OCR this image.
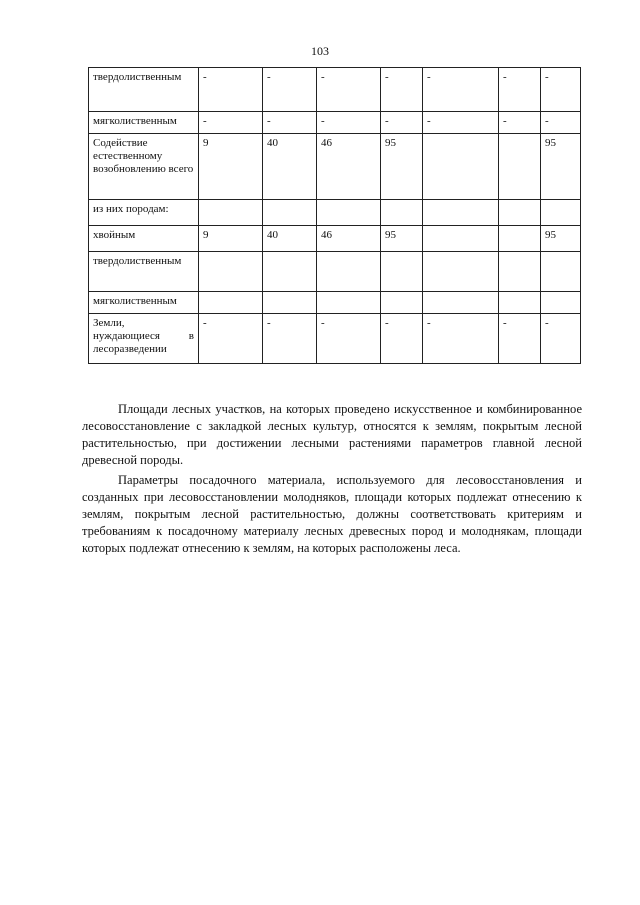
103
твердолиственным	-	-	-	-	-	-	-
мягколиственным	-	-	-	-	-	-	-
Содействие естественному возобновлению всего	9	40	46	95			95
из них породам:							
хвойным	9	40	46	95			95
твердолиственным							
мягколиственным							
Земли, нуждающиеся в
лесоразведении	-	-	-	-	-	-	-

Площади лесных участков, на которых проведено искусственное и комбинированное лесовосстановление с закладкой лесных культур, относятся к землям, покрытым лесной растительностью, при достижении лесными растениями параметров главной лесной древесной породы.

Параметры посадочного материала, используемого для лесовосстановления и созданных при лесовосстановлении молодняков, площади которых подлежат отнесению к землям, покрытым лесной растительностью, должны соответствовать критериям и требованиям к посадочному материалу лесных древесных пород и молоднякам, площади которых подлежат отнесению к землям, на которых расположены леса.
